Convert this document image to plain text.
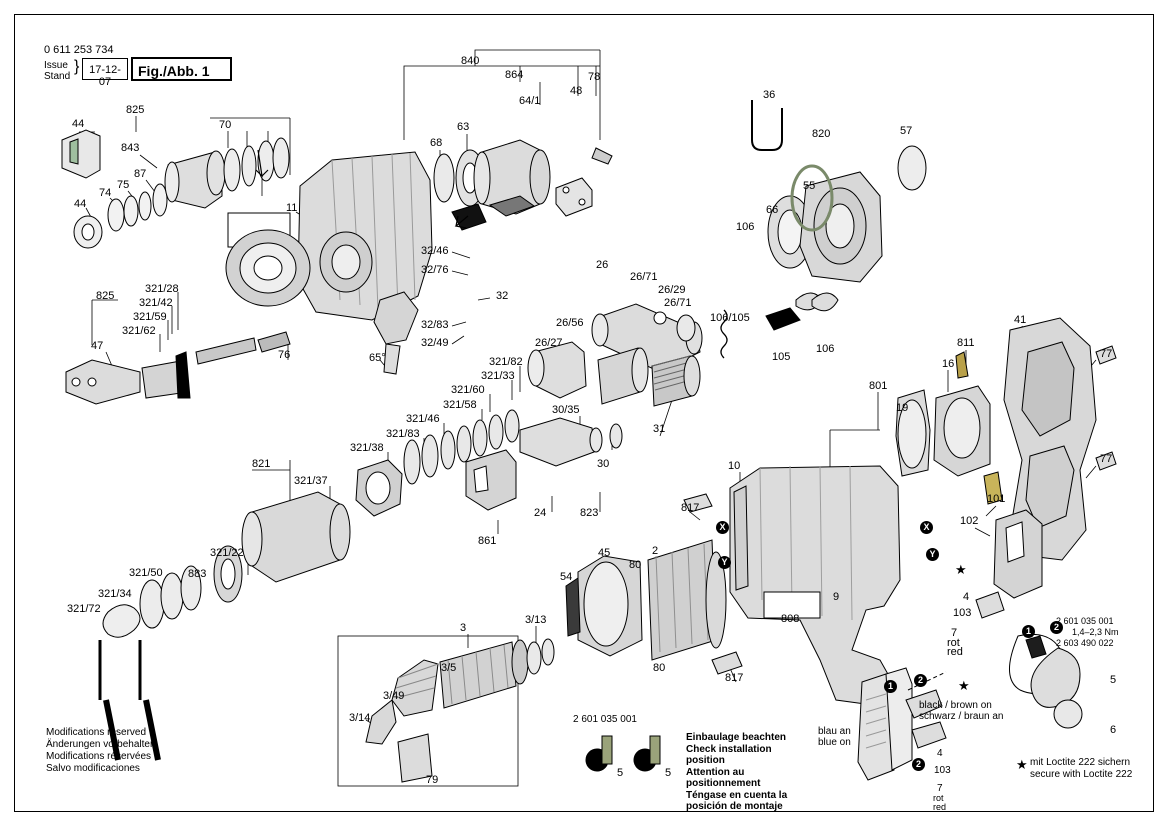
0 611 253 734
Issue
Stand
} 17-12-07
Fig./Abb. 1
44
825
843
87
75
74
44
70
11
840
864
64/1
48
78
68
63
36
820	57
55
66
106
26
26/71
26/29
26/71
26/56
26/27
106/105
105
106
32/46
32/76
32
32/83
32/49
65°
825
321/28
321/42
321/59
321/62
47
76
321/82
321/33
321/60
321/58
321/46
321/83
321/38
321/37
821
321/22
883
321/50
321/34
321/72
30/35
31
30
24	823
861
3
3/13
3/5
3/49
3/14
79
54
45
80
2
80
817
817
10
808
9
801
19
16
811
41
77
77
101
102
4
103
7
rot
red
5
6
Modifications reserved
Änderungen vorbehalten
Modifications réservées
Salvo modificaciones
2 601 035 001
Einbaulage beachten
Check installation position
Attention au positionnement
Téngase en cuenta la
posición de montaje
5	5
blau an
blue on
black / brown on
schwarz / braun an
4
103
7
rot
red
1
2
2
★
X	X
Y
Y
1	2
★
2 601 035 001
1,4–2,3 Nm
2 603 490 022
★ mit Loctite 222 sichern
secure with Loctite 222
